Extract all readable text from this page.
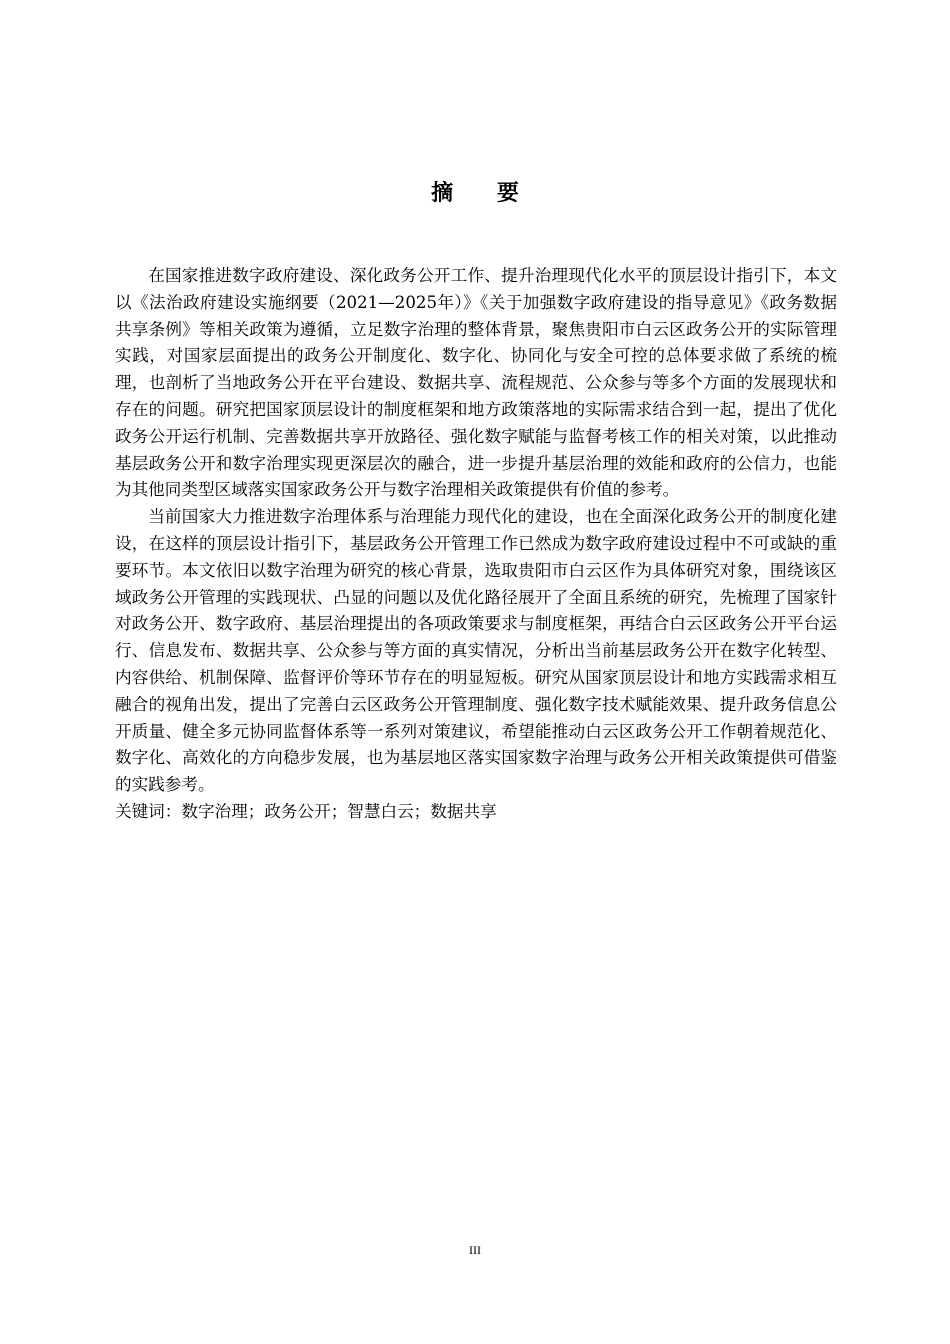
摘 要

在国家推进数字政府建设、深化政务公开工作、提升治理现代化水平的顶层设计指引下，本文以《法治政府建设实施纲要（2021—2025年）》《关于加强数字政府建设的指导意见》《政务数据共享条例》等相关政策为遵循，立足数字治理的整体背景，聚焦贵阳市白云区政务公开的实际管理实践，对国家层面提出的政务公开制度化、数字化、协同化与安全可控的总体要求做了系统的梳理，也剖析了当地政务公开在平台建设、数据共享、流程规范、公众参与等多个方面的发展现状和存在的问题。研究把国家顶层设计的制度框架和地方政策落地的实际需求结合到一起，提出了优化政务公开运行机制、完善数据共享开放路径、强化数字赋能与监督考核工作的相关对策，以此推动基层政务公开和数字治理实现更深层次的融合，进一步提升基层治理的效能和政府的公信力，也能为其他同类型区域落实国家政务公开与数字治理相关政策提供有价值的参考。

当前国家大力推进数字治理体系与治理能力现代化的建设，也在全面深化政务公开的制度化建设，在这样的顶层设计指引下，基层政务公开管理工作已然成为数字政府建设过程中不可或缺的重要环节。本文依旧以数字治理为研究的核心背景，选取贵阳市白云区作为具体研究对象，围绕该区域政务公开管理的实践现状、凸显的问题以及优化路径展开了全面且系统的研究，先梳理了国家针对政务公开、数字政府、基层治理提出的各项政策要求与制度框架，再结合白云区政务公开平台运行、信息发布、数据共享、公众参与等方面的真实情况，分析出当前基层政务公开在数字化转型、内容供给、机制保障、监督评价等环节存在的明显短板。研究从国家顶层设计和地方实践需求相互融合的视角出发，提出了完善白云区政务公开管理制度、强化数字技术赋能效果、提升政务信息公开质量、健全多元协同监督体系等一系列对策建议，希望能推动白云区政务公开工作朝着规范化、数字化、高效化的方向稳步发展，也为基层地区落实国家数字治理与政务公开相关政策提供可借鉴的实践参考。

关键词：数字治理；政务公开；智慧白云；数据共享

III
